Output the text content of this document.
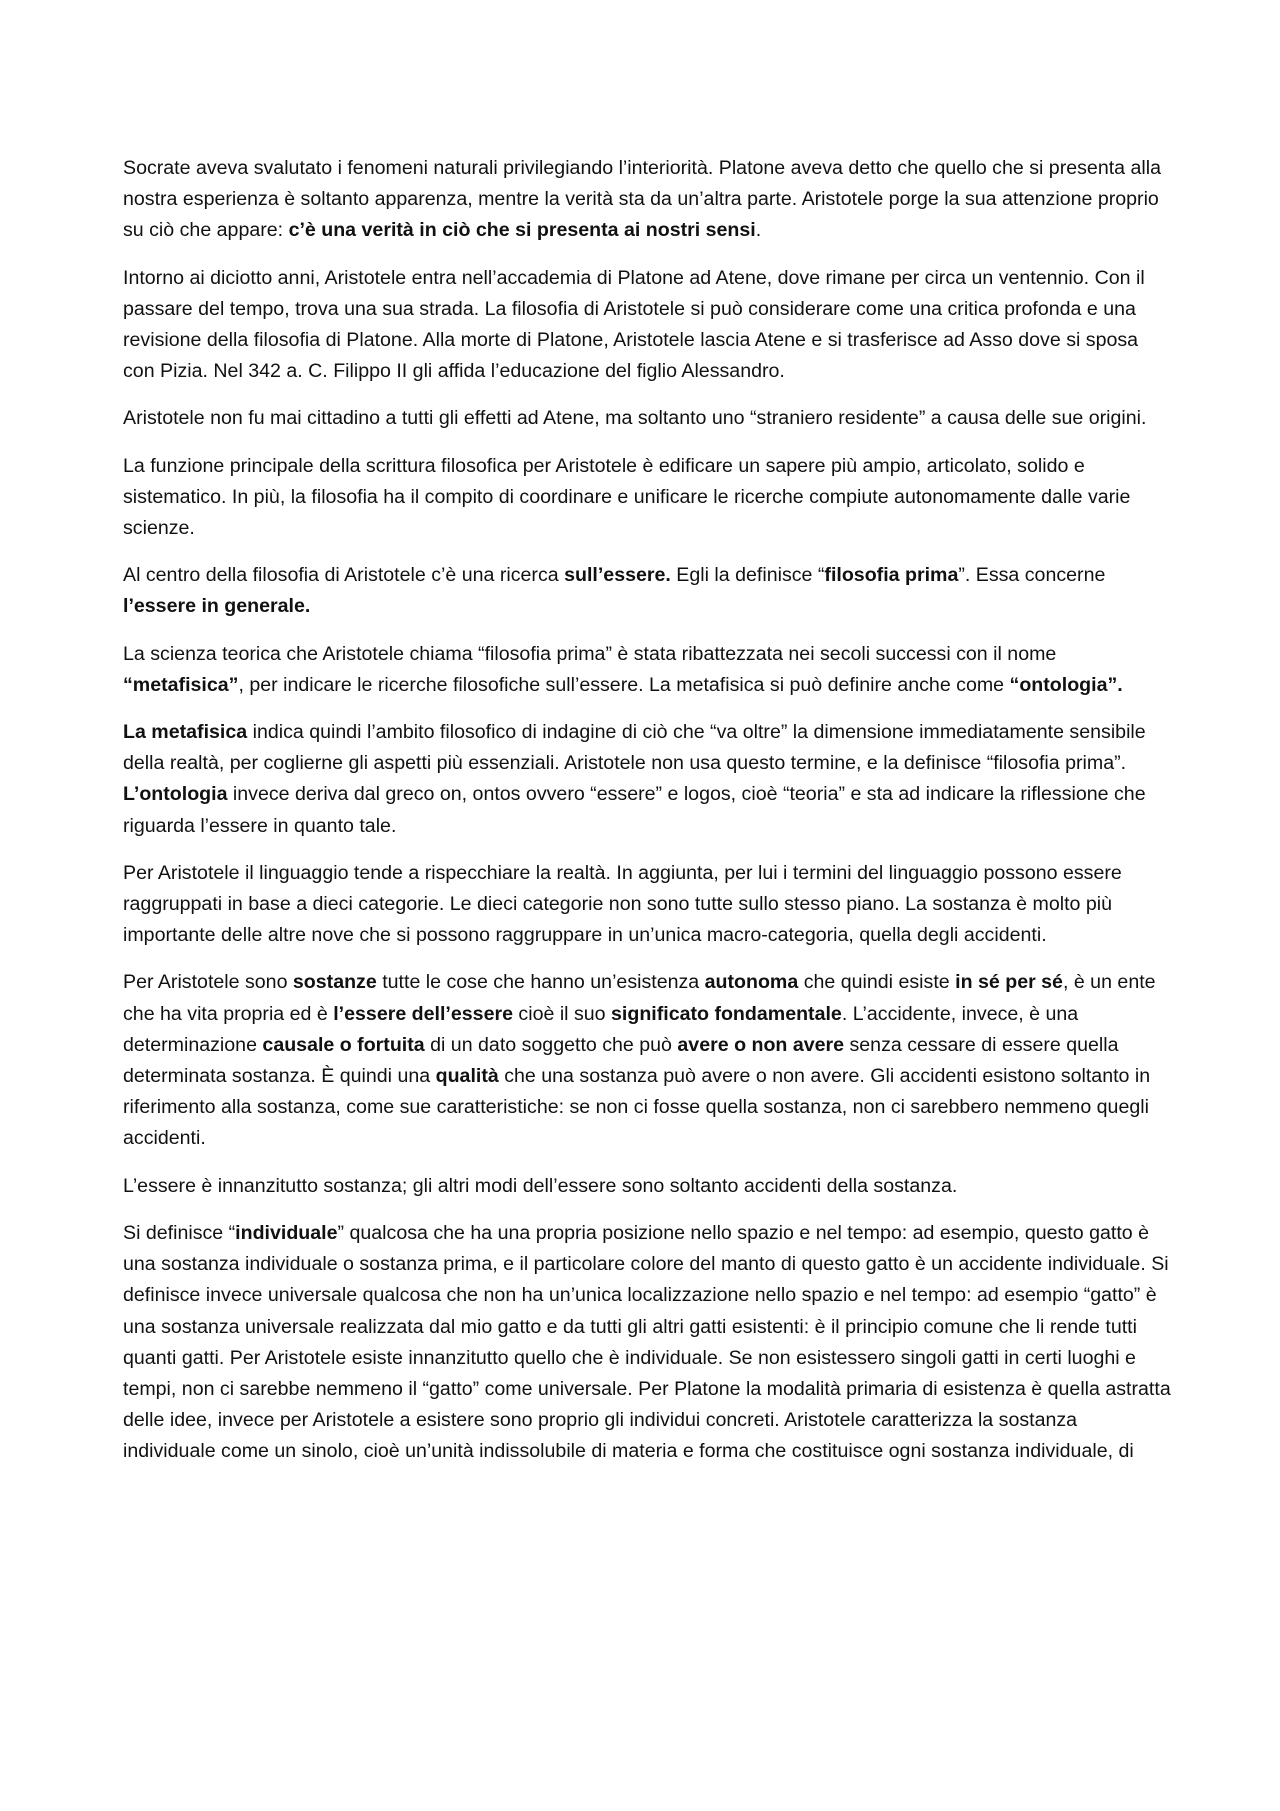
Socrate aveva svalutato i fenomeni naturali privilegiando l’interiorità. Platone aveva detto che quello che si presenta alla nostra esperienza è soltanto apparenza, mentre la verità sta da un’altra parte. Aristotele porge la sua attenzione proprio su ciò che appare: c’è una verità in ciò che si presenta ai nostri sensi.

Intorno ai diciotto anni, Aristotele entra nell’accademia di Platone ad Atene, dove rimane per circa un ventennio. Con il passare del tempo, trova una sua strada. La filosofia di Aristotele si può considerare come una critica profonda e una revisione della filosofia di Platone. Alla morte di Platone, Aristotele lascia Atene e si trasferisce ad Asso dove si sposa con Pizia. Nel 342 a. C. Filippo II gli affida l’educazione del figlio Alessandro.

Aristotele non fu mai cittadino a tutti gli effetti ad Atene, ma soltanto uno “straniero residente” a causa delle sue origini.

La funzione principale della scrittura filosofica per Aristotele è edificare un sapere più ampio, articolato, solido e sistematico. In più, la filosofia ha il compito di coordinare e unificare le ricerche compiute autonomamente dalle varie scienze.

Al centro della filosofia di Aristotele c’è una ricerca sull’essere. Egli la definisce “filosofia prima”. Essa concerne l’essere in generale.

La scienza teorica che Aristotele chiama “filosofia prima” è stata ribattezzata nei secoli successi con il nome “metafisica”, per indicare le ricerche filosofiche sull’essere. La metafisica si può definire anche come “ontologia”.

La metafisica indica quindi l’ambito filosofico di indagine di ciò che “va oltre” la dimensione immediatamente sensibile della realtà, per coglierne gli aspetti più essenziali. Aristotele non usa questo termine, e la definisce “filosofia prima”. L’ontologia invece deriva dal greco on, ontos ovvero “essere” e logos, cioè “teoria” e sta ad indicare la riflessione che riguarda l’essere in quanto tale.

Per Aristotele il linguaggio tende a rispecchiare la realtà. In aggiunta, per lui i termini del linguaggio possono essere raggruppati in base a dieci categorie. Le dieci categorie non sono tutte sullo stesso piano. La sostanza è molto più importante delle altre nove che si possono raggruppare in un’unica macro-categoria, quella degli accidenti.

Per Aristotele sono sostanze tutte le cose che hanno un’esistenza autonoma che quindi esiste in sé per sé, è un ente che ha vita propria ed è l’essere dell’essere cioè il suo significato fondamentale. L’accidente, invece, è una determinazione causale o fortuita di un dato soggetto che può avere o non avere senza cessare di essere quella determinata sostanza. È quindi una qualità che una sostanza può avere o non avere. Gli accidenti esistono soltanto in riferimento alla sostanza, come sue caratteristiche: se non ci fosse quella sostanza, non ci sarebbero nemmeno quegli accidenti.

L’essere è innanzitutto sostanza; gli altri modi dell’essere sono soltanto accidenti della sostanza.

Si definisce “individuale” qualcosa che ha una propria posizione nello spazio e nel tempo: ad esempio, questo gatto è una sostanza individuale o sostanza prima, e il particolare colore del manto di questo gatto è un accidente individuale. Si definisce invece universale qualcosa che non ha un’unica localizzazione nello spazio e nel tempo: ad esempio “gatto” è una sostanza universale realizzata dal mio gatto e da tutti gli altri gatti esistenti: è il principio comune che li rende tutti quanti gatti. Per Aristotele esiste innanzitutto quello che è individuale. Se non esistessero singoli gatti in certi luoghi e tempi, non ci sarebbe nemmeno il “gatto” come universale. Per Platone la modalità primaria di esistenza è quella astratta delle idee, invece per Aristotele a esistere sono proprio gli individui concreti. Aristotele caratterizza la sostanza individuale come un sinolo, cioè un’unità indissolubile di materia e forma che costituisce ogni sostanza individuale, di
